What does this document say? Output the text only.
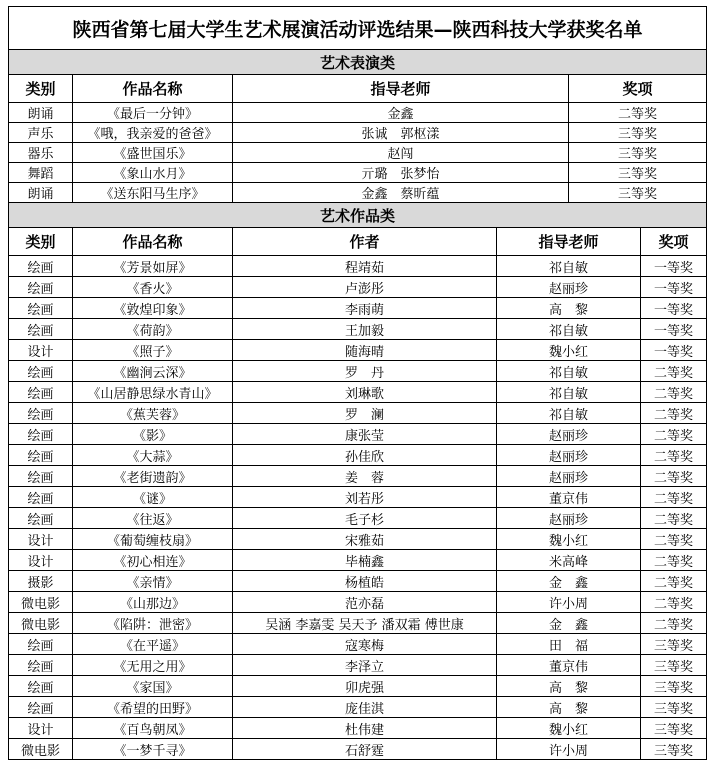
陕西省第七届大学生艺术展演活动评选结果—陕西科技大学获奖名单			
艺术表演类			
类别	作品名称	指导老师	奖项
朗诵	《最后一分钟》	金鑫	二等奖
声乐	《哦，我亲爱的爸爸》	张诚　郭枢漾	三等奖
器乐	《盛世国乐》	赵闯	三等奖
舞蹈	《象山水月》	亓璐　张梦怡	三等奖
朗诵	《送东阳马生序》	金鑫　蔡昕蕴	三等奖
艺术作品类				
类别	作品名称	作者	指导老师	奖项
绘画	《芳景如屏》	程靖茹	祁自敏	一等奖
绘画	《香火》	卢澎彤	赵丽珍	一等奖
绘画	《敦煌印象》	李雨萌	高　黎	一等奖
绘画	《荷韵》	王加毅	祁自敏	一等奖
设计	《照子》	随海晴	魏小红	一等奖
绘画	《幽涧云深》	罗　丹	祁自敏	二等奖
绘画	《山居静思绿水青山》	刘琳歌	祁自敏	二等奖
绘画	《蕉芙蓉》	罗　澜	祁自敏	二等奖
绘画	《影》	康张莹	赵丽珍	二等奖
绘画	《大蒜》	孙佳欣	赵丽珍	二等奖
绘画	《老街遗韵》	姜　蓉	赵丽珍	二等奖
绘画	《谜》	刘若彤	董京伟	二等奖
绘画	《往返》	毛子杉	赵丽珍	二等奖
设计	《葡萄缠枝扇》	宋雅茹	魏小红	二等奖
设计	《初心相连》	毕楠鑫	米高峰	二等奖
摄影	《亲情》	杨植皓	金　鑫	二等奖
微电影	《山那边》	范亦磊	许小周	二等奖
微电影	《陷阱：泄密》	吴涵 李嘉雯 吴天予 潘双霜 傅世康	金　鑫	二等奖
绘画	《在平遥》	寇寒梅	田　福	三等奖
绘画	《无用之用》	李泽立	董京伟	三等奖
绘画	《家国》	卯虎强	高　黎	三等奖
绘画	《希望的田野》	庞佳淇	高　黎	三等奖
设计	《百鸟朝凤》	杜伟建	魏小红	三等奖
微电影	《一梦千寻》	石舒霆	许小周	三等奖
